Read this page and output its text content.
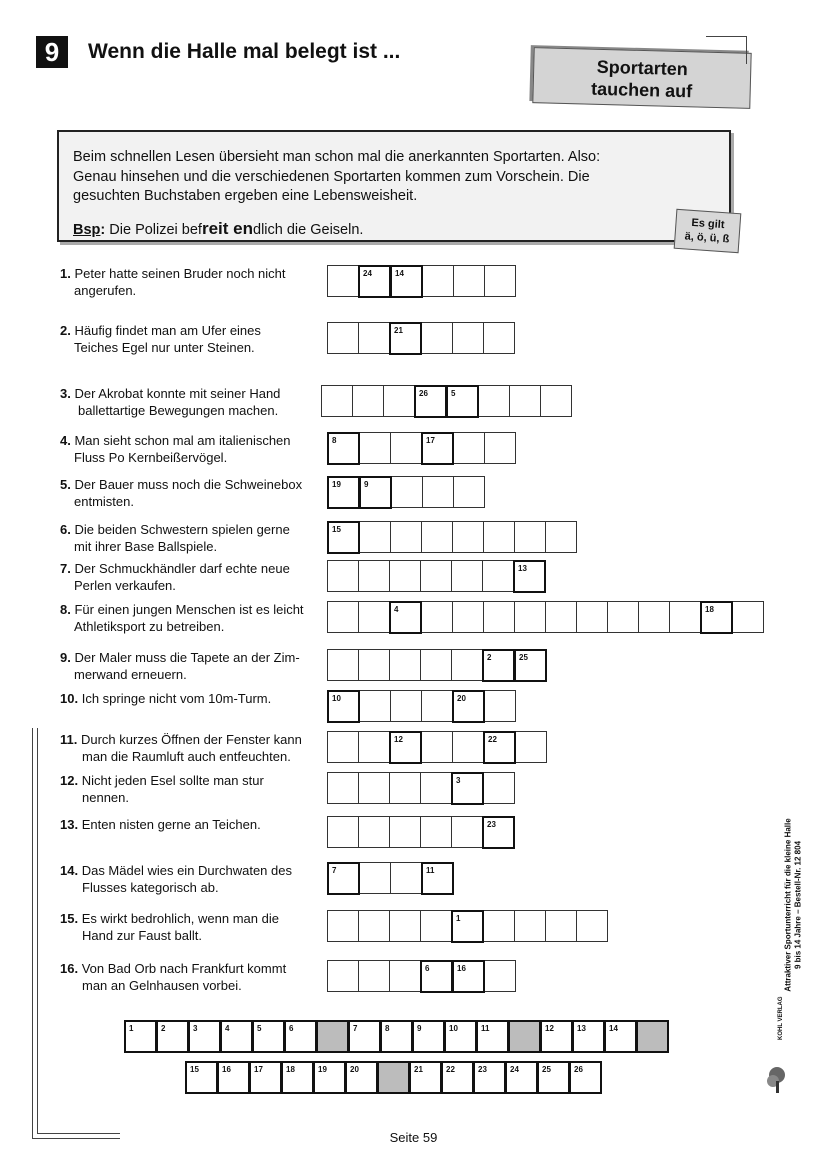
9	Wenn die Halle mal belegt ist ...
Sportarten
tauchen auf

Beim schnellen Lesen übersieht man schon mal die anerkannten Sportarten. Also:

Genau hinsehen und die verschiedenen Sportarten kommen zum Vorschein. Die

gesuchten Buchstaben ergeben eine Lebensweisheit.

Bsp: Die Polizei befreit endlich die Geiseln.	Es gilt
ä, ö, ü, ß
1. Peter hatte seinen Bruder noch nicht
angerufen.
24	14
2. Häufig findet man am Ufer eines
Teiches Egel nur unter Steinen.
21
3. Der Akrobat konnte mit seiner Hand
ballettartige Bewegungen machen.
26	5
4. Man sieht schon mal am italienischen
Fluss Po Kernbeißervögel.
8	17
5. Der Bauer muss noch die Schweinebox
entmisten.
19	9
6. Die beiden Schwestern spielen gerne
mit ihrer Base Ballspiele.
15
7. Der Schmuckhändler darf echte neue
Perlen verkaufen.
13
8. Für einen jungen Menschen ist es leicht
Athletiksport zu betreiben.
4	18
9. Der Maler muss die Tapete an der Zim-
merwand erneuern.
2	25
10. Ich springe nicht vom 10m-Turm.	10	20
11. Durch kurzes Öffnen der Fenster kann
man die Raumluft auch entfeuchten.
12	22
12. Nicht jeden Esel sollte man stur
nennen.
3
13. Enten nisten gerne an Teichen.	23
14. Das Mädel wies ein Durchwaten des
Flusses kategorisch ab.
7	11
15. Es wirkt bedrohlich, wenn man die
Hand zur Faust ballt.
1
16. Von Bad Orb nach Frankfurt kommt
man an Gelnhausen vorbei.
6	16
1	2	3	4	5	6	7	8	9	10	11	12	13	14
15	16	17	18	19	20	21	22	23	24	25	26
Attraktiver Sportunterricht für die kleine Halle
9 bis 14 Jahre – Bestell-Nr. 12 804
KOHL VERLAG
Seite 59
